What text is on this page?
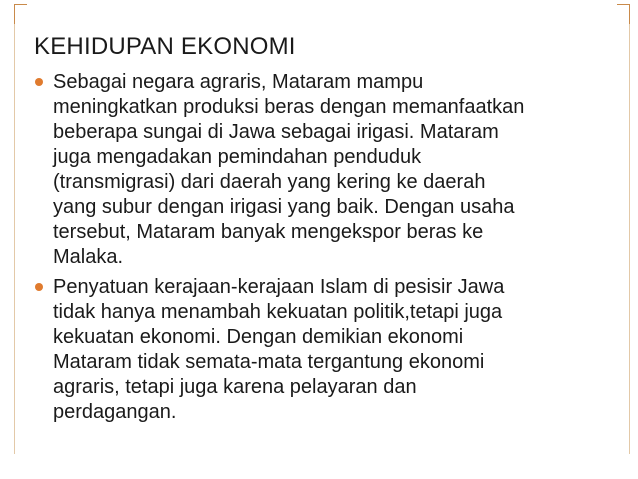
KEHIDUPAN EKONOMI
Sebagai negara agraris, Mataram mampu
meningkatkan produksi beras dengan memanfaatkan
beberapa sungai di Jawa sebagai irigasi. Mataram
juga mengadakan pemindahan penduduk
(transmigrasi) dari daerah yang kering ke daerah
yang subur dengan irigasi yang baik. Dengan usaha
tersebut, Mataram banyak mengekspor beras ke
Malaka.
Penyatuan kerajaan-kerajaan Islam di pesisir Jawa
tidak hanya menambah kekuatan politik,tetapi juga
kekuatan ekonomi. Dengan demikian ekonomi
Mataram tidak semata-mata tergantung ekonomi
agraris, tetapi juga karena pelayaran dan
perdagangan.
